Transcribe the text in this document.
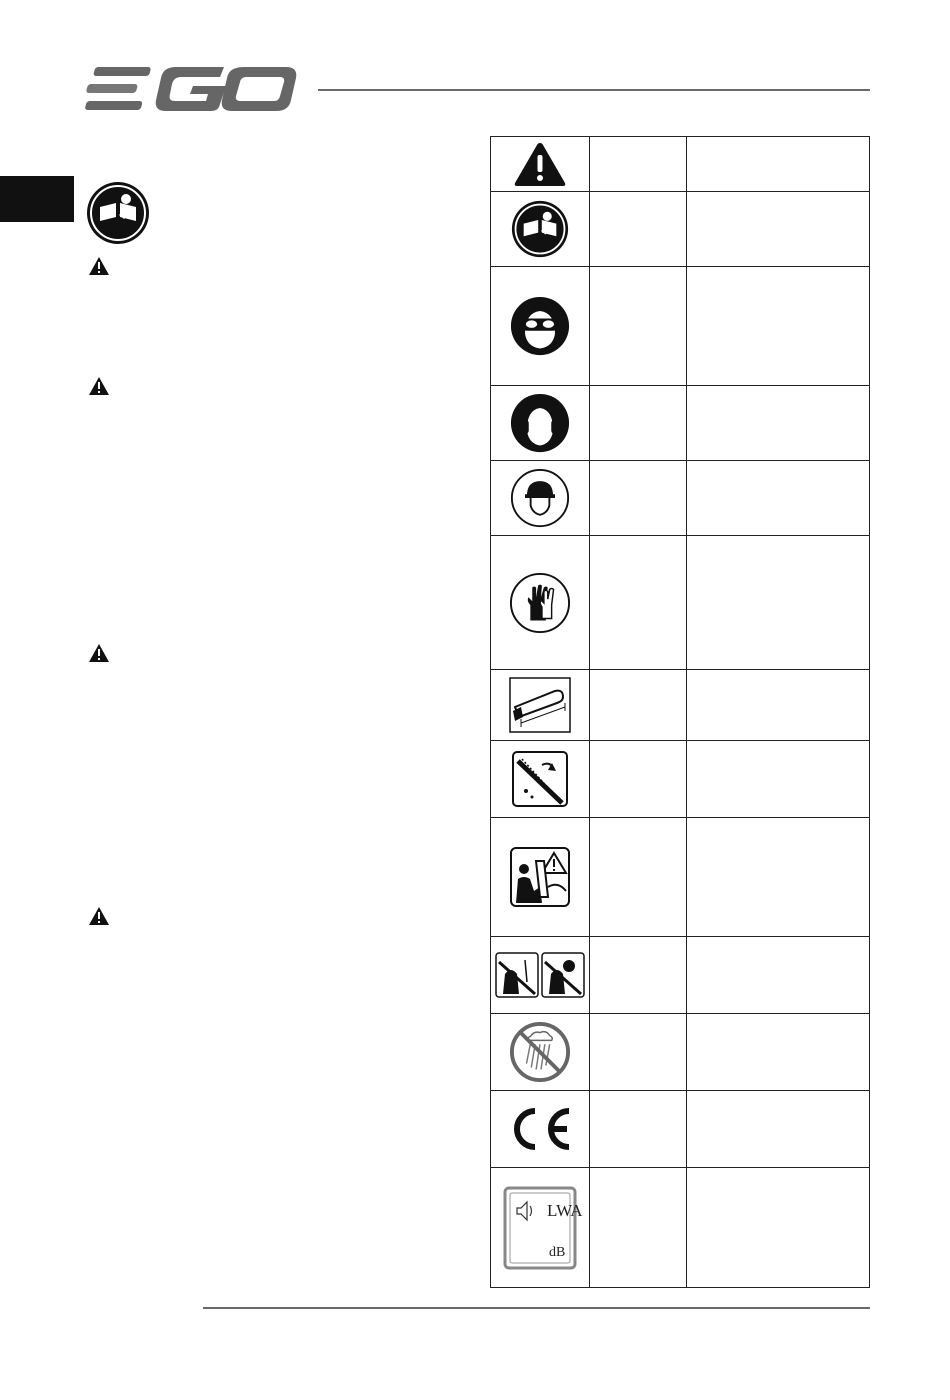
LWA
dB		
